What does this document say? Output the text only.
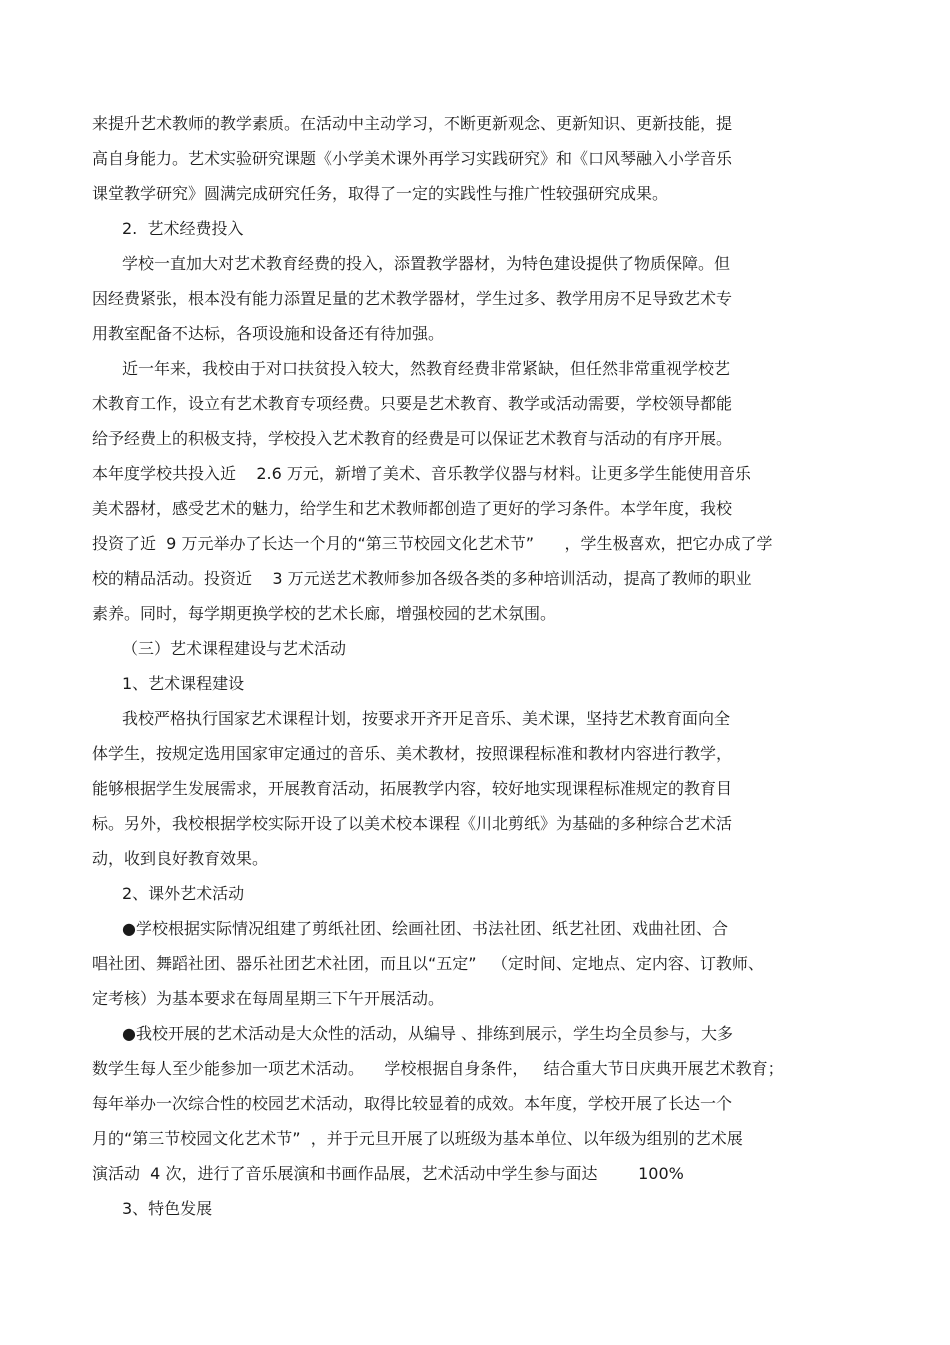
来提升艺术教师的教学素质。在活动中主动学习，不断更新观念、更新知识、更新技能，提
高自身能力。艺术实验研究课题《小学美术课外再学习实践研究》和《口风琴融入小学音乐
课堂教学研究》圆满完成研究任务，取得了一定的实践性与推广性较强研究成果。
2.  艺术经费投入
学校一直加大对艺术教育经费的投入，添置教学器材，为特色建设提供了物质保障。但
因经费紧张，根本没有能力添置足量的艺术教学器材，学生过多、教学用房不足导致艺术专
用教室配备不达标，各项设施和设备还有待加强。
近一年来，我校由于对口扶贫投入较大，然教育经费非常紧缺，但任然非常重视学校艺
术教育工作，设立有艺术教育专项经费。只要是艺术教育、教学或活动需要，学校领导都能
给予经费上的积极支持，学校投入艺术教育的经费是可以保证艺术教育与活动的有序开展。
本年度学校共投入近    2.6 万元，新增了美术、音乐教学仪器与材料。让更多学生能使用音乐
美术器材，感受艺术的魅力，给学生和艺术教师都创造了更好的学习条件。本学年度，我校
投资了近  9 万元举办了长达一个月的“第三节校园文化艺术节”      ，学生极喜欢，把它办成了学
校的精品活动。投资近    3 万元送艺术教师参加各级各类的多种培训活动，提高了教师的职业
素养。同时，每学期更换学校的艺术长廊，增强校园的艺术氛围。
（三）艺术课程建设与艺术活动
1、艺术课程建设
我校严格执行国家艺术课程计划，按要求开齐开足音乐、美术课，坚持艺术教育面向全
体学生，按规定选用国家审定通过的音乐、美术教材，按照课程标准和教材内容进行教学，
能够根据学生发展需求，开展教育活动，拓展教学内容，较好地实现课程标准规定的教育目
标。另外，我校根据学校实际开设了以美术校本课程《川北剪纸》为基础的多种综合艺术活
动，收到良好教育效果。
2、课外艺术活动
●学校根据实际情况组建了剪纸社团、绘画社团、书法社团、纸艺社团、戏曲社团、合
唱社团、舞蹈社团、器乐社团艺术社团，而且以“五定”   （定时间、定地点、定内容、订教师、
定考核）为基本要求在每周星期三下午开展活动。
●我校开展的艺术活动是大众性的活动，从编导 、排练到展示，学生均全员参与，大多
数学生每人至少能参加一项艺术活动。    学校根据自身条件，   结合重大节日庆典开展艺术教育；
每年举办一次综合性的校园艺术活动，取得比较显着的成效。本年度，学校开展了长达一个
月的“第三节校园文化艺术节”  ，并于元旦开展了以班级为基本单位、以年级为组别的艺术展
演活动  4 次，进行了音乐展演和书画作品展，艺术活动中学生参与面达        100%
3、特色发展
